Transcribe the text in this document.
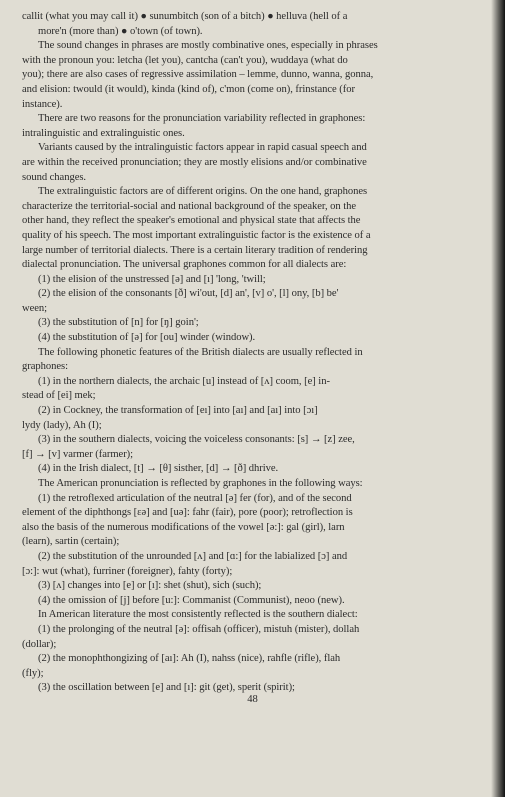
callit (what you may call it) ● sunumbitch (son of a bitch) ● helluva (hell of a
more'n (more than) ● o'town (of town).
The sound changes in phrases are mostly combinative ones, especially in phrases
with the pronoun you: letcha (let you), cantcha (can't you), wuddaya (what do
you); there are also cases of regressive assimilation – lemme, dunno, wanna, gonna,
and elision: twould (it would), kinda (kind of), c'mon (come on), frinstance (for
instance).
There are two reasons for the pronunciation variability reflected in graphones:
intralinguistic and extralinguistic ones.
Variants caused by the intralinguistic factors appear in rapid casual speech and
are within the received pronunciation; they are mostly elisions and/or combinative
sound changes.
The extralinguistic factors are of different origins. On the one hand, graphones
characterize the territorial-social and national background of the speaker, on the
other hand, they reflect the speaker's emotional and physical state that affects the
quality of his speech. The most important extralinguistic factor is the existence of a
large number of territorial dialects. There is a certain literary tradition of rendering
dialectal pronunciation. The universal graphones common for all dialects are:
(1) the elision of the unstressed [ə] and [ı] 'long, 'twill;
(2) the elision of the consonants [ð] wi'out, [d] an', [v] o', [l] ony, [b] be'
ween;
(3) the substitution of [n] for [ŋ] goin';
(4) the substitution of [ə] for [ou] winder (window).
The following phonetic features of the British dialects are usually reflected in
graphones:
(1) in the northern dialects, the archaic [u] instead of [ʌ] coom, [e] in-
stead of [ei] mek;
(2) in Cockney, the transformation of [eı] into [aı] and [aı] into [ɔı]
lydy (lady), Ah (I);
(3) in the southern dialects, voicing the voiceless consonants: [s] → [z] zee,
[f] → [v] varmer (farmer);
(4) in the Irish dialect, [t] → [θ] sisther, [d] → [ð] dhrive.
The American pronunciation is reflected by graphones in the following ways:
(1) the retroflexed articulation of the neutral [ə] fer (for), and of the second
element of the diphthongs [ɛə] and [uə]: fahr (fair), pore (poor); retroflection is
also the basis of the numerous modifications of the vowel [ə:]: gal (girl), larn
(learn), sartin (certain);
(2) the substitution of the unrounded [ʌ] and [ɑ:] for the labialized [ɔ] and
[ɔ:]: wut (what), furriner (foreigner), fahty (forty);
(3) [ʌ] changes into [e] or [ı]: shet (shut), sich (such);
(4) the omission of [j] before [u:]: Commanist (Communist), neoo (new).
In American literature the most consistently reflected is the southern dialect:
(1) the prolonging of the neutral [ə]: offisah (officer), mistuh (mister), dollah
(dollar);
(2) the monophthongizing of [aı]: Ah (I), nahss (nice), rahfle (rifle), flah
(fly);
(3) the oscillation between [e] and [ı]: git (get), sperit (spirit);
48
